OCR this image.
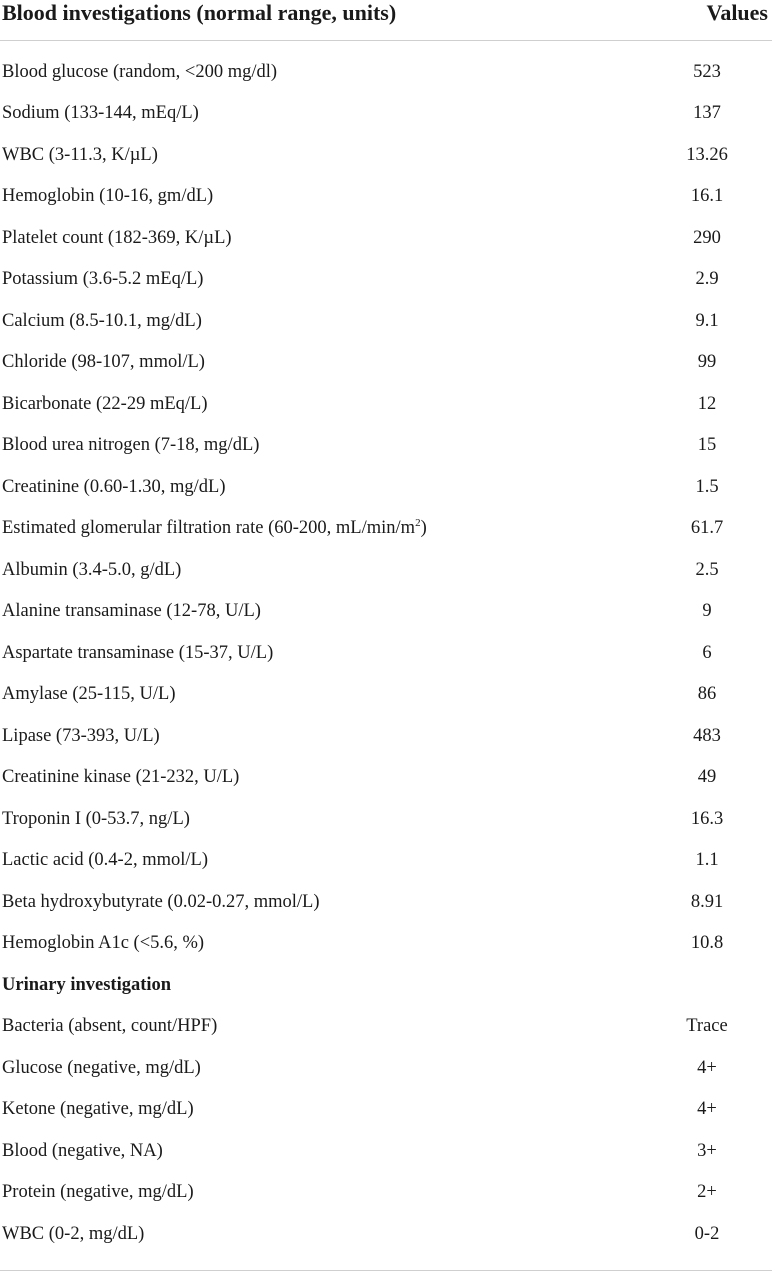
Blood investigations (normal range, units)	Values

Blood glucose (random, <200 mg/dl)	523
Sodium (133-144, mEq/L)	137
WBC (3-11.3, K/µL)	13.26
Hemoglobin (10-16, gm/dL)	16.1
Platelet count (182-369, K/µL)	290
Potassium (3.6-5.2 mEq/L)	2.9
Calcium (8.5-10.1, mg/dL)	9.1
Chloride (98-107, mmol/L)	99
Bicarbonate (22-29 mEq/L)	12
Blood urea nitrogen (7-18, mg/dL)	15
Creatinine (0.60-1.30, mg/dL)	1.5
Estimated glomerular filtration rate (60-200, $mL/\min/m^2$)	61.7
Albumin (3.4-5.0, g/dL)	2.5
Alanine transaminase (12-78, U/L)	9
Aspartate transaminase (15-37, U/L)	6
Amylase (25-115, U/L)	86
Lipase (73-393, U/L)	483
Creatinine kinase (21-232, U/L)	49
Troponin I (0-53.7, ng/L)	16.3
Lactic acid (0.4-2, mmol/L)	1.1
Beta hydroxybutyrate (0.02-0.27, mmol/L)	8.91
Hemoglobin A1c (<5.6, %)	10.8
Urinary investigation	
Bacteria (absent, count/HPF)	Trace
Glucose (negative, mg/dL)	4+
Ketone (negative, mg/dL)	4+
Blood (negative, NA)	3+
Protein (negative, mg/dL)	2+
WBC (0-2, mg/dL)	0-2
